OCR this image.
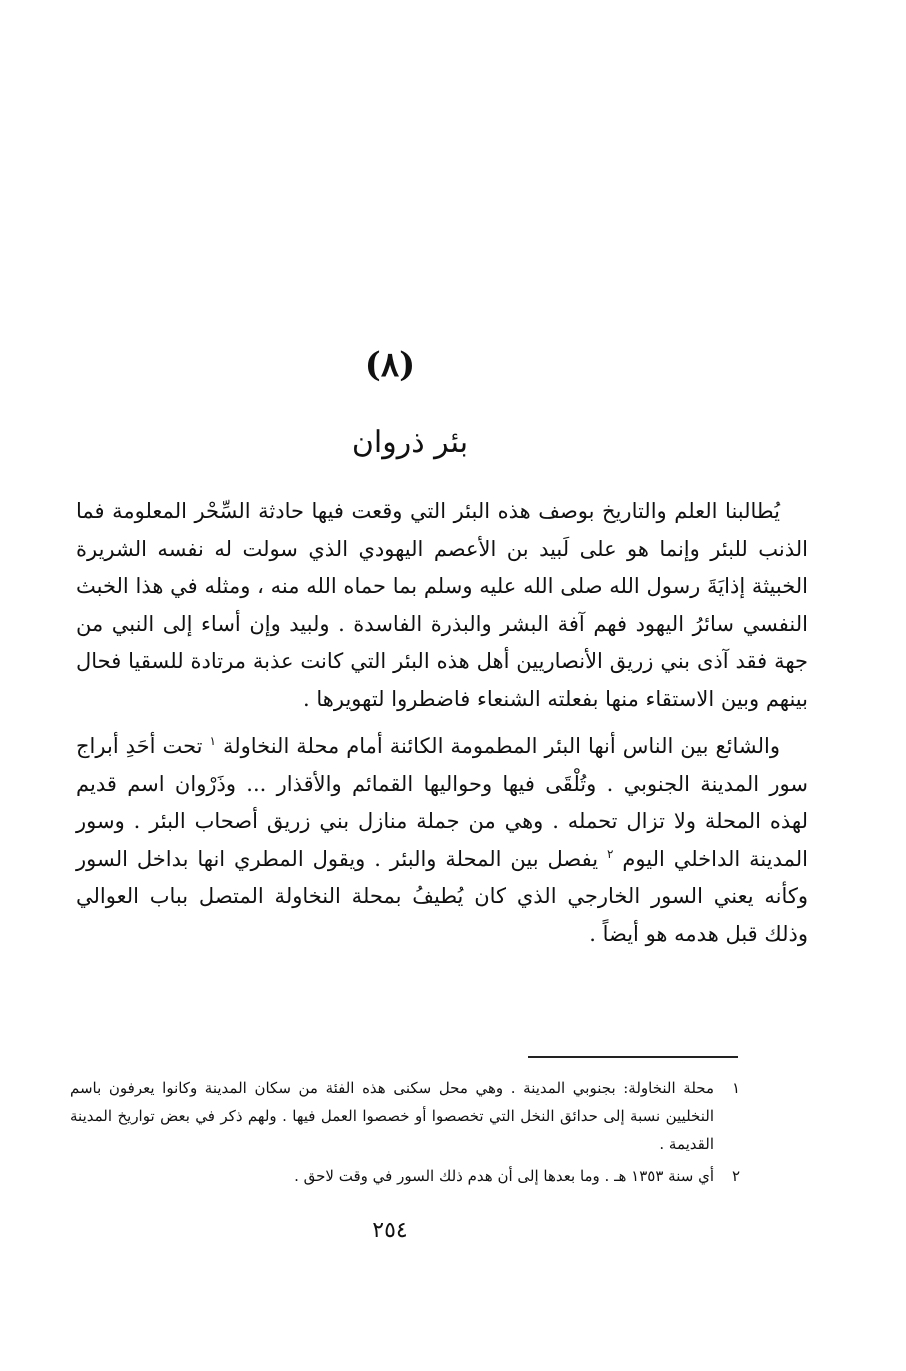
(٨)
بئر ذروان

يُطالبنا العلم والتاريخ بوصف هذه البئر التي وقعت فيها حادثة السِّحْر المعلومة فما الذنب للبئر وإنما هو على لَبيد بن الأعصم اليهودي الذي سولت له نفسه الشريرة الخبيثة إذايَةَ رسول الله صلى الله عليه وسلم بما حماه الله منه ، ومثله في هذا الخبث النفسي سائرُ اليهود فهم آفة البشر والبذرة الفاسدة . ولبيد وإن أساء إلى النبي من جهة فقد آذى بني زريق الأنصاريين أهل هذه البئر التي كانت عذبة مرتادة للسقيا فحال بينهم وبين الاستقاء منها بفعلته الشنعاء فاضطروا لتهويرها .

والشائع بين الناس أنها البئر المطمومة الكائنة أمام محلة النخاولة $^١$ تحت أحَدِ أبراج سور المدينة الجنوبي . وتُلْقَى فيها وحواليها القمائم والأقذار ... وذَرْوان اسم قديم لهذه المحلة ولا تزال تحمله . وهي من جملة منازل بني زريق أصحاب البئر . وسور المدينة الداخلي اليوم $^٢$ يفصل بين المحلة والبئر . ويقول المطري انها بداخل السور وكأنه يعني السور الخارجي الذي كان يُطيفُ بمحلة النخاولة المتصل بباب العوالي وذلك قبل هدمه هو أيضاً .

١
محلة النخاولة: بجنوبي المدينة . وهي محل سكنى هذه الفئة من سكان المدينة وكانوا يعرفون باسم النخليين نسبة إلى حدائق النخل التي تخصصوا أو خصصوا العمل فيها . ولهم ذكر في بعض تواريخ المدينة القديمة .
٢
أي سنة ١٣٥٣ هـ . وما بعدها إلى أن هدم ذلك السور في وقت لاحق .
٢٥٤
